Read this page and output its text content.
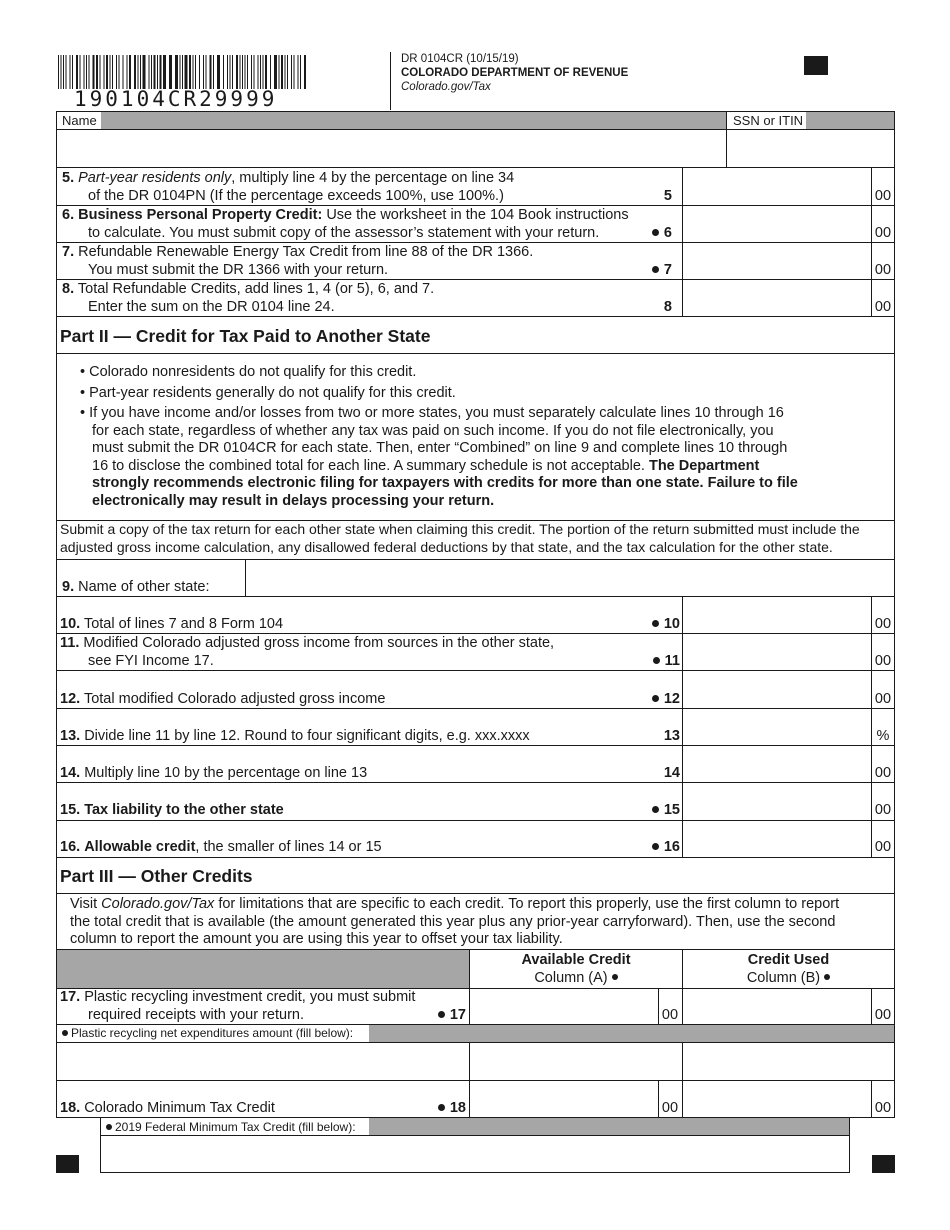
190104CR29999
DR 0104CR (10/15/19)
COLORADO DEPARTMENT OF REVENUE
Colorado.gov/Tax
Name	SSN or ITIN
5. Part-year residents only, multiply line 4 by the percentage on line 34
of the DR 0104PN (If the percentage exceeds 100%, use 100%.)	5	00
6. Business Personal Property Credit: Use the worksheet in the 104 Book instructions
to calculate. You must submit copy of the assessor’s statement with your return.	6	00
7. Refundable Renewable Energy Tax Credit from line 88 of the DR 1366.
You must submit the DR 1366 with your return.	7	00
8. Total Refundable Credits, add lines 1, 4 (or 5), 6, and 7.
Enter the sum on the DR 0104 line 24.	8	00
Part II — Credit for Tax Paid to Another State
• Colorado nonresidents do not qualify for this credit.
• Part-year residents generally do not qualify for this credit.
• If you have income and/or losses from two or more states, you must separately calculate lines 10 through 16
for each state, regardless of whether any tax was paid on such income. If you do not file electronically, you
must submit the DR 0104CR for each state. Then, enter “Combined” on line 9 and complete lines 10 through
16 to disclose the combined total for each line. A summary schedule is not acceptable. The Department
strongly recommends electronic filing for taxpayers with credits for more than one state. Failure to file
electronically may result in delays processing your return.
Submit a copy of the tax return for each other state when claiming this credit. The portion of the return submitted must include the
adjusted gross income calculation, any disallowed federal deductions by that state, and the tax calculation for the other state.
9. Name of other state:
10. Total of lines 7 and 8 Form 104	10	00
11. Modified Colorado adjusted gross income from sources in the other state,
see FYI Income 17.	11	00
12. Total modified Colorado adjusted gross income	12	00
13. Divide line 11 by line 12. Round to four significant digits, e.g. xxx.xxxx	13	%
14. Multiply line 10 by the percentage on line 13	14	00
15. Tax liability to the other state	15	00
16. Allowable credit, the smaller of lines 14 or 15	16	00
Part III — Other Credits
Visit Colorado.gov/Tax for limitations that are specific to each credit. To report this properly, use the first column to report
the total credit that is available (the amount generated this year plus any prior-year carryforward). Then, use the second
column to report the amount you are using this year to offset your tax liability.
Available Credit
Column (A)
Credit Used
Column (B)
17. Plastic recycling investment credit, you must submit
required receipts with your return.	17	00	00
Plastic recycling net expenditures amount (fill below):
18. Colorado Minimum Tax Credit	18	00	00
2019 Federal Minimum Tax Credit (fill below):
